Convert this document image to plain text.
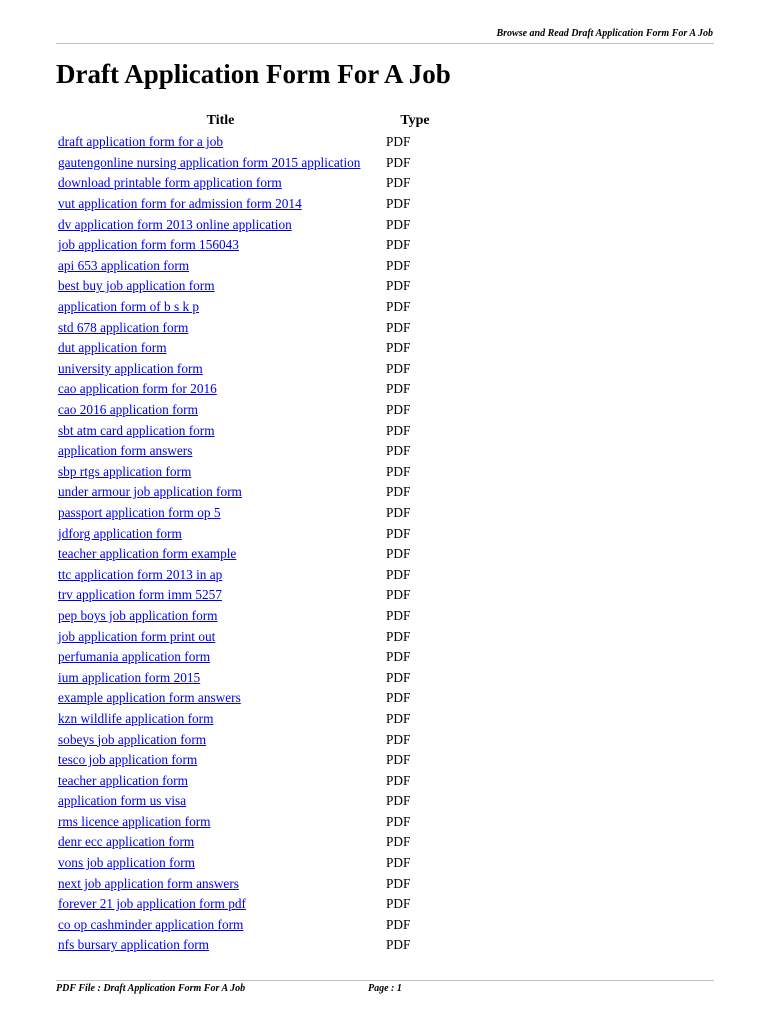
Browse and Read Draft Application Form For A Job
Draft Application Form For A Job
Title	Type
draft application form for a job	PDF
gautengonline nursing application form 2015 application	PDF
download printable form application form	PDF
vut application form for admission form 2014	PDF
dv application form 2013 online application	PDF
job application form form 156043	PDF
api 653 application form	PDF
best buy job application form	PDF
application form of b s k p	PDF
std 678 application form	PDF
dut application form	PDF
university application form	PDF
cao application form for 2016	PDF
cao 2016 application form	PDF
sbt atm card application form	PDF
application form answers	PDF
sbp rtgs application form	PDF
under armour job application form	PDF
passport application form op 5	PDF
jdforg application form	PDF
teacher application form example	PDF
ttc application form 2013 in ap	PDF
trv application form imm 5257	PDF
pep boys job application form	PDF
job application form print out	PDF
perfumania application form	PDF
ium application form 2015	PDF
example application form answers	PDF
kzn wildlife application form	PDF
sobeys job application form	PDF
tesco job application form	PDF
teacher application form	PDF
application form us visa	PDF
rms licence application form	PDF
denr ecc application form	PDF
vons job application form	PDF
next job application form answers	PDF
forever 21 job application form pdf	PDF
co op cashminder application form	PDF
nfs bursary application form	PDF
PDF File : Draft Application Form For A Job	Page : 1
